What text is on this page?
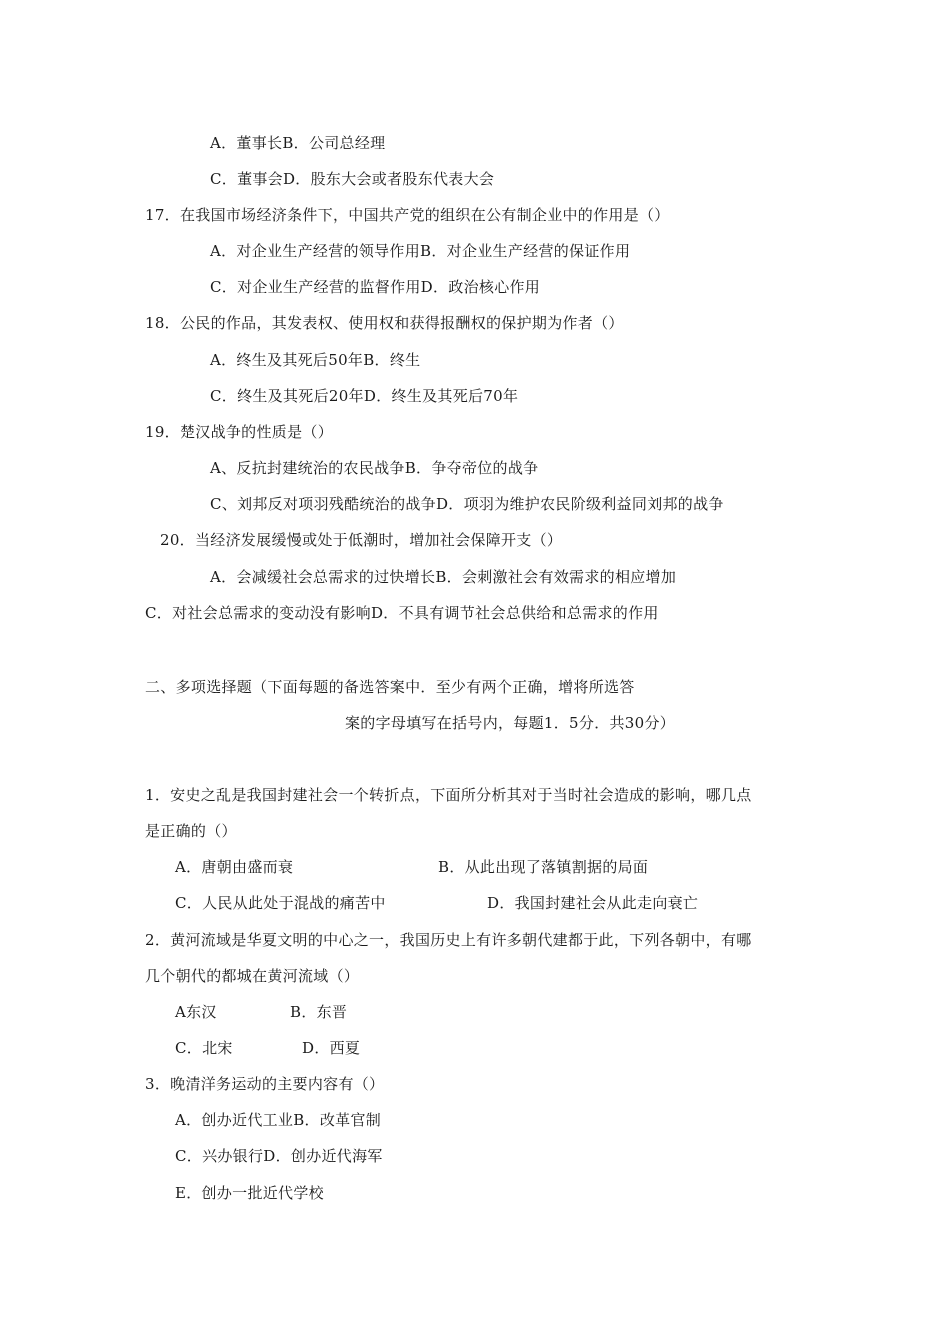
A．董事长B．公司总经理
C．董事会D．股东大会或者股东代表大会
17．在我国市场经济条件下，中国共产党的组织在公有制企业中的作用是（）
A．对企业生产经营的领导作用B．对企业生产经营的保证作用
C．对企业生产经营的监督作用D．政治核心作用
18．公民的作品，其发表权、使用权和获得报酬权的保护期为作者（）
A．终生及其死后50年B．终生
C．终生及其死后20年D．终生及其死后70年
19．楚汉战争的性质是（）
A、反抗封建统治的农民战争B．争夺帝位的战争
C、刘邦反对项羽残酷统治的战争D．项羽为维护农民阶级利益同刘邦的战争
20．当经济发展缓慢或处于低潮时，增加社会保障开支（）
A．会减缓社会总需求的过快增长B．会刺激社会有效需求的相应增加
C．对社会总需求的变动没有影响D．不具有调节社会总供给和总需求的作用
二、多项选择题（下面每题的备选答案中．至少有两个正确，增将所选答
案的字母填写在括号内，每题1．5分．共30分）
1．安史之乱是我国封建社会一个转折点，下面所分析其对于当时社会造成的影响，哪几点
是正确的（）
A．唐朝由盛而衰	B．从此出现了落镇割据的局面
C．人民从此处于混战的痛苦中	D．我国封建社会从此走向衰亡
2．黄河流域是华夏文明的中心之一，我国历史上有许多朝代建都于此，下列各朝中，有哪
几个朝代的都城在黄河流域（）
A东汉	B．东晋
C．北宋	D．西夏
3．晚清洋务运动的主要内容有（）
A．创办近代工业B．改革官制
C．兴办银行D．创办近代海军
E．创办一批近代学校
